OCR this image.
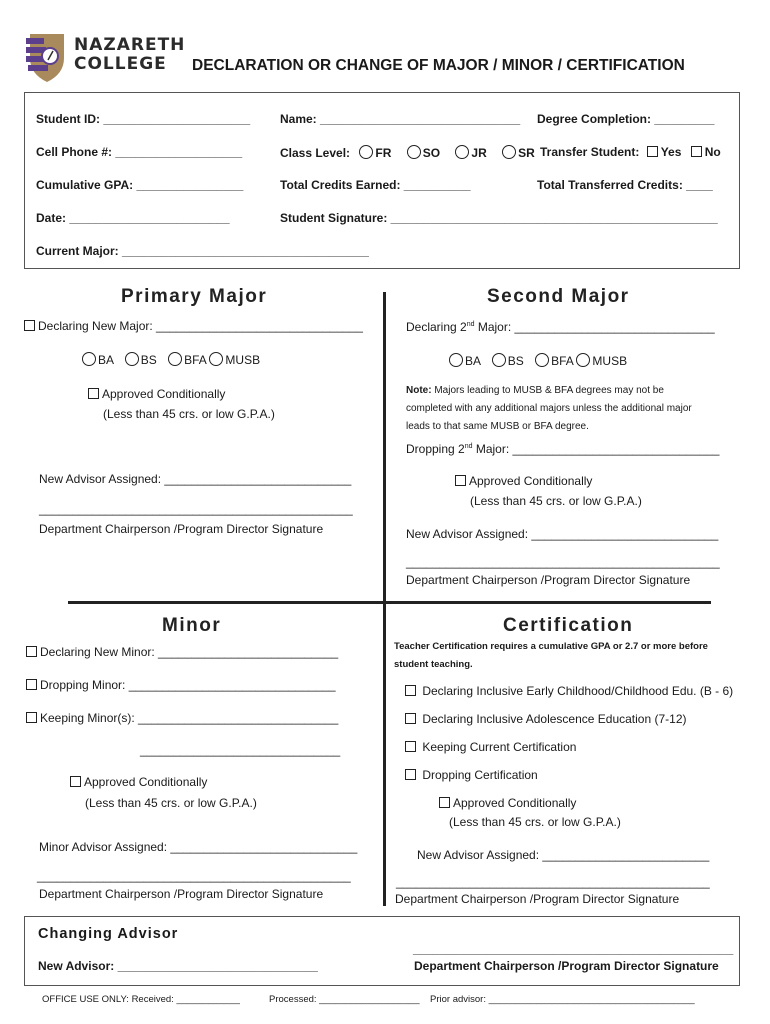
NAZARETH
COLLEGE DECLARATION OR CHANGE OF MAJOR / MINOR / CERTIFICATION
Student ID: ______________________ Name: ______________________________ Degree Completion: _________
Cell Phone #: ___________________	Class Level: FR	SO	JR	SR Transfer Student: Yes No
Cumulative GPA: ________________	Total Credits Earned: __________	Total Transferred Credits: ____
Date: ________________________	Student Signature: _________________________________________________
Current Major: _____________________________________
Primary Major
Declaring New Major: _______________________________
BA BS BFA MUSB
Approved Conditionally
(Less than 45 crs. or low G.P.A.)
New Advisor Assigned: ____________________________
_______________________________________________
Department Chairperson /Program Director Signature
Second Major
Declaring 2nd Major: ______________________________
BA BS BFA MUSB
Note: Majors leading to MUSB & BFA degrees may not be
completed with any additional majors unless the additional major
leads to that same MUSB or BFA degree.
Dropping 2nd Major: _______________________________
Approved Conditionally
(Less than 45 crs. or low G.P.A.)
New Advisor Assigned: ____________________________
_______________________________________________
Department Chairperson /Program Director Signature
Minor
Declaring New Minor: ___________________________
Dropping Minor: _______________________________
Keeping Minor(s): ______________________________
______________________________
Approved Conditionally
(Less than 45 crs. or low G.P.A.)
Minor Advisor Assigned: ____________________________
_______________________________________________
Department Chairperson /Program Director Signature
Certification
Teacher Certification requires a cumulative GPA or 2.7 or more before
student teaching.
Declaring Inclusive Early Childhood/Childhood Edu. (B - 6)
Declaring Inclusive Adolescence Education (7-12)
Keeping Current Certification
Dropping Certification
Approved Conditionally
(Less than 45 crs. or low G.P.A.)
New Advisor Assigned: _________________________
_______________________________________________
Department Chairperson /Program Director Signature
Changing Advisor
New Advisor: ______________________________
________________________________________________
Department Chairperson /Program Director Signature
OFFICE USE ONLY: Received: ____________	Processed: ___________________ Prior advisor: _______________________________________
